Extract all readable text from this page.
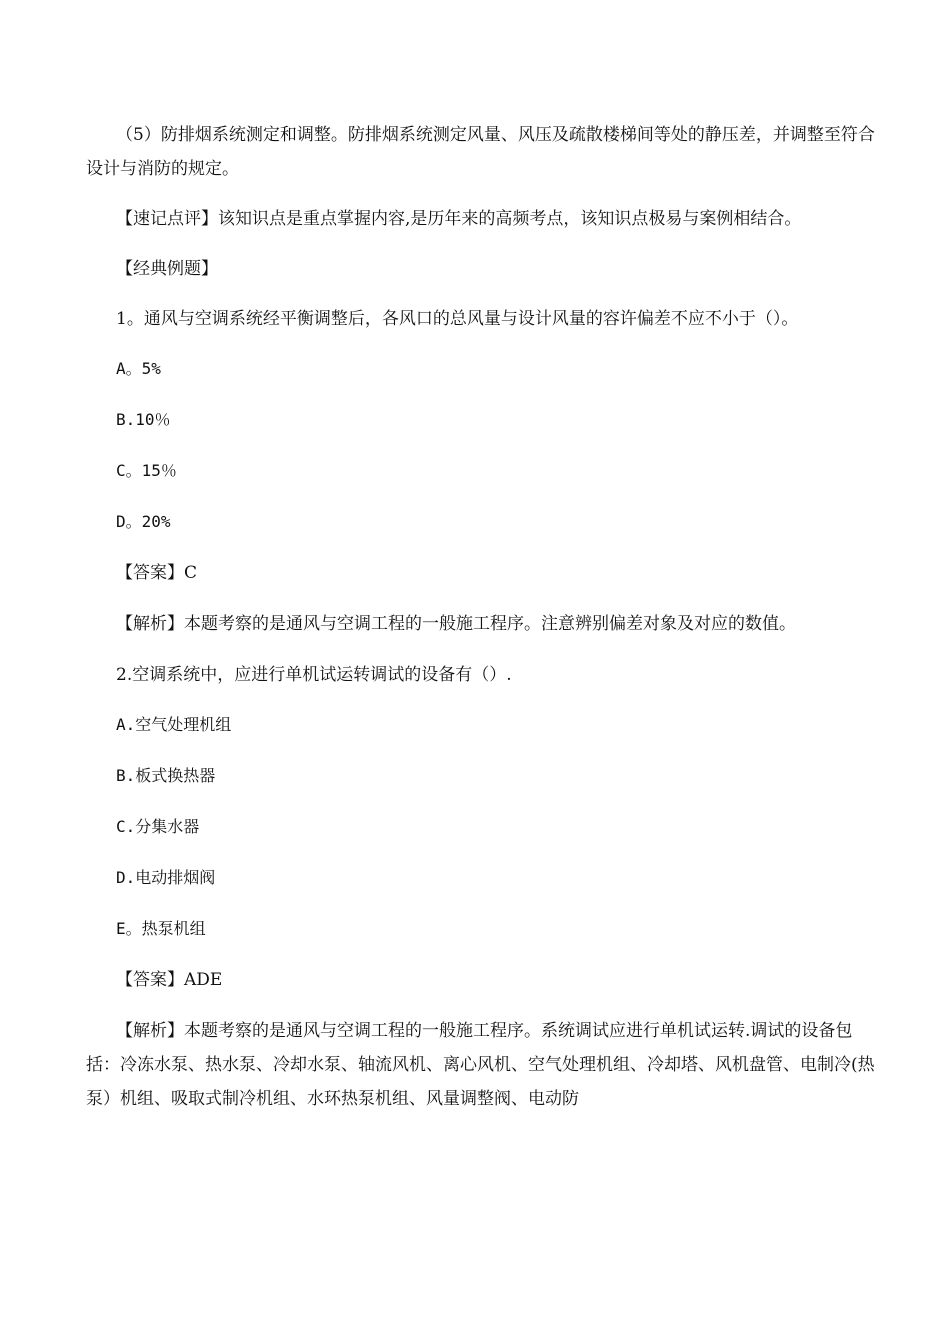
（5）防排烟系统测定和调整。防排烟系统测定风量、风压及疏散楼梯间等处的静压差，并调整至符合设计与消防的规定。

【速记点评】该知识点是重点掌握内容,是历年来的高频考点，该知识点极易与案例相结合。

【经典例题】

1。通风与空调系统经平衡调整后，各风口的总风量与设计风量的容许偏差不应不小于（）。

A。5%

B.10％

C。15％

D。20%

【答案】C

【解析】本题考察的是通风与空调工程的一般施工程序。注意辨别偏差对象及对应的数值。

2.空调系统中，应进行单机试运转调试的设备有（）.

A.空气处理机组

B.板式换热器

C.分集水器

D.电动排烟阀

E。热泵机组

【答案】ADE

【解析】本题考察的是通风与空调工程的一般施工程序。系统调试应进行单机试运转.调试的设备包括：冷冻水泵、热水泵、冷却水泵、轴流风机、离心风机、空气处理机组、冷却塔、风机盘管、电制冷(热泵）机组、吸取式制冷机组、水环热泵机组、风量调整阀、电动防
